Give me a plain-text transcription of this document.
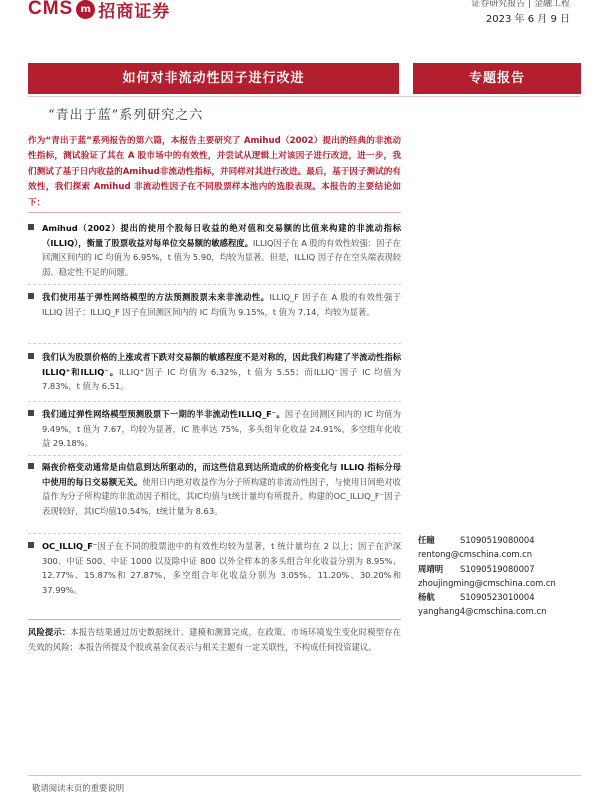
CMS m 招商证券	证券研究报告 | 金融工程
2023 年 6 月 9 日
如何对非流动性因子进行改进	专题报告
“青出于蓝”系列研究之六
作为“青出于蓝”系列报告的第六篇，本报告主要研究了 Amihud（2002）提出的经典的非流动性指标，测试验证了其在 A 股市场中的有效性，并尝试从逻辑上对该因子进行改进，进一步，我们测试了基于日内收益的Amihud非流动性指标，并同样对其进行改进。最后，基于因子测试的有效性，我们探索 Amihud 非流动性因子在不同股票样本池内的选股表现。本报告的主要结论如下：
Amihud（2002）提出的使用个股每日收益的绝对值和交易额的比值来构建的非流动指标（ILLIQ），衡量了股票收益对每单位交易额的敏感程度。ILLIQ因子在 A 股的有效性较强：因子在回测区间内的 IC 均值为 6.95%，t 值为 5.90，均较为显著。但是，ILLIQ 因子存在空头端表现较弱、稳定性不足的问题。
我们使用基于弹性网络模型的方法预测股票未来非流动性。ILLIQ_F 因子在 A 股的有效性强于 ILLIQ 因子：ILLIQ_F 因子在回测区间内的 IC 均值为 9.15%，t 值为 7.14，均较为显著。
我们认为股票价格的上涨或者下跌对交易额的敏感程度不是对称的，因此我们构建了半流动性指标ILLIQ⁺和ILLIQ⁻。ILLIQ⁺因子 IC 均值为 6.32%，t 值为 5.55；而ILLIQ⁻因子 IC 均值为 7.83%，t 值为 6.51。
我们通过弹性网络模型预测股票下一期的半非流动性ILLIQ_F⁻。因子在回测区间内的 IC 均值为 9.49%，t 值为 7.67，均较为显著，IC 胜率达 75%，多头组年化收益 24.91%，多空组年化收益 29.18%。
隔夜价格变动通常是由信息到达所驱动的，而这些信息到达所造成的价格变化与 ILLIQ 指标分母中使用的每日交易额无关。使用日内绝对收益作为分子所构建的非流动性因子，与使用日间绝对收益作为分子所构建的非流动因子相比，其IC均值与t统计量均有所提升。构建的OC_ILLIQ_F⁻因子表现较好，其IC均值10.54%，t统计量为 8.63。
OC_ILLIQ_F⁻因子在不同的股票池中的有效性均较为显著，t 统计量均在 2 以上；因子在沪深 300、中证 500、中证 1000 以及除中证 800 以外全样本的多头组合年化收益分别为 8.95%、12.77%、15.87%和 27.87%，多空组合年化收益分别为 3.05%、11.20%、30.20%和 37.99%。
任瞳	S1090519080004
rentong@cmschina.com.cn
周靖明	S1090519080007
zhoujingming@cmschina.com.cn
杨航	S1090523010004
yanghang4@cmschina.com.cn
风险提示：本报告结果通过历史数据统计、建模和测算完成，在政策、市场环境发生变化时模型存在失效的风险；本报告所提及个股或基金仅表示与相关主题有一定关联性，不构成任何投资建议。
敬请阅读末页的重要说明
